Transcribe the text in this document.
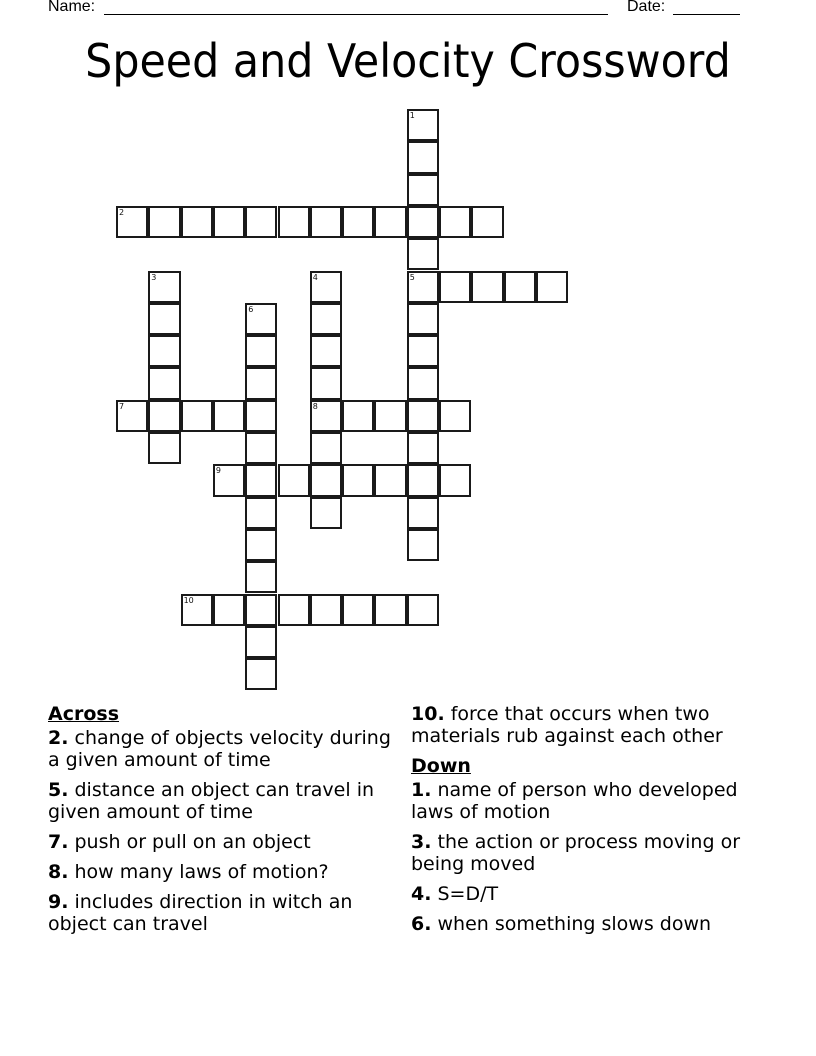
Name:	Date:
Speed and Velocity Crossword
1
5
2
3	4
8
6
7
9
10
Across
2. change of objects velocity during a given amount of time
5. distance an object can travel in given amount of time
7. push or pull on an object
8. how many laws of motion?
9. includes direction in witch an object can travel
10. force that occurs when two materials rub against each other
Down
1. name of person who developed laws of motion
3. the action or process moving or being moved
4. S=D/T
6. when something slows down
